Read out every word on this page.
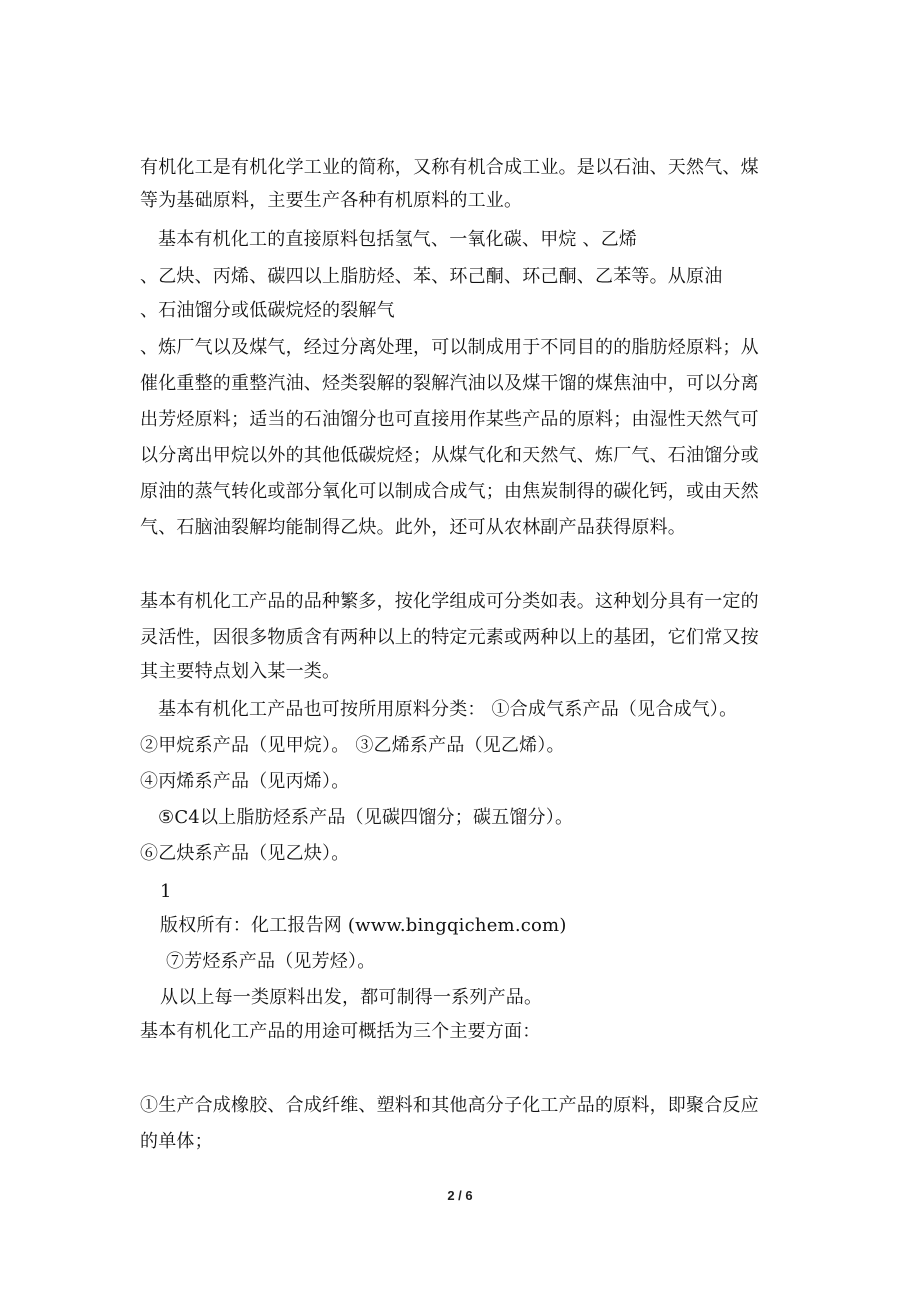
有机化工是有机化学工业的简称，又称有机合成工业。是以石油、天然气、煤
等为基础原料，主要生产各种有机原料的工业。
基本有机化工的直接原料包括氢气、一氧化碳、甲烷 、乙烯
、乙炔、丙烯、碳四以上脂肪烃、苯、环己酮、环己酮、乙苯等。从原油
、石油馏分或低碳烷烃的裂解气
、炼厂气以及煤气，经过分离处理，可以制成用于不同目的的脂肪烃原料；从
催化重整的重整汽油、烃类裂解的裂解汽油以及煤干馏的煤焦油中，可以分离
出芳烃原料；适当的石油馏分也可直接用作某些产品的原料；由湿性天然气可
以分离出甲烷以外的其他低碳烷烃；从煤气化和天然气、炼厂气、石油馏分或
原油的蒸气转化或部分氧化可以制成合成气；由焦炭制得的碳化钙，或由天然
气、石脑油裂解均能制得乙炔。此外，还可从农林副产品获得原料。
基本有机化工产品的品种繁多，按化学组成可分类如表。这种划分具有一定的
灵活性，因很多物质含有两种以上的特定元素或两种以上的基团，它们常又按
其主要特点划入某一类。
基本有机化工产品也可按所用原料分类： ①合成气系产品（见合成气）。
②甲烷系产品（见甲烷）。 ③乙烯系产品（见乙烯）。
④丙烯系产品（见丙烯）。
⑤C4以上脂肪烃系产品（见碳四馏分；碳五馏分）。
⑥乙炔系产品（见乙炔）。
1
版权所有：化工报告网 (www.bingqichem.com)
⑦芳烃系产品（见芳烃）。
从以上每一类原料出发，都可制得一系列产品。
基本有机化工产品的用途可概括为三个主要方面：
①生产合成橡胶、合成纤维、塑料和其他高分子化工产品的原料，即聚合反应
的单体；
2 / 6
